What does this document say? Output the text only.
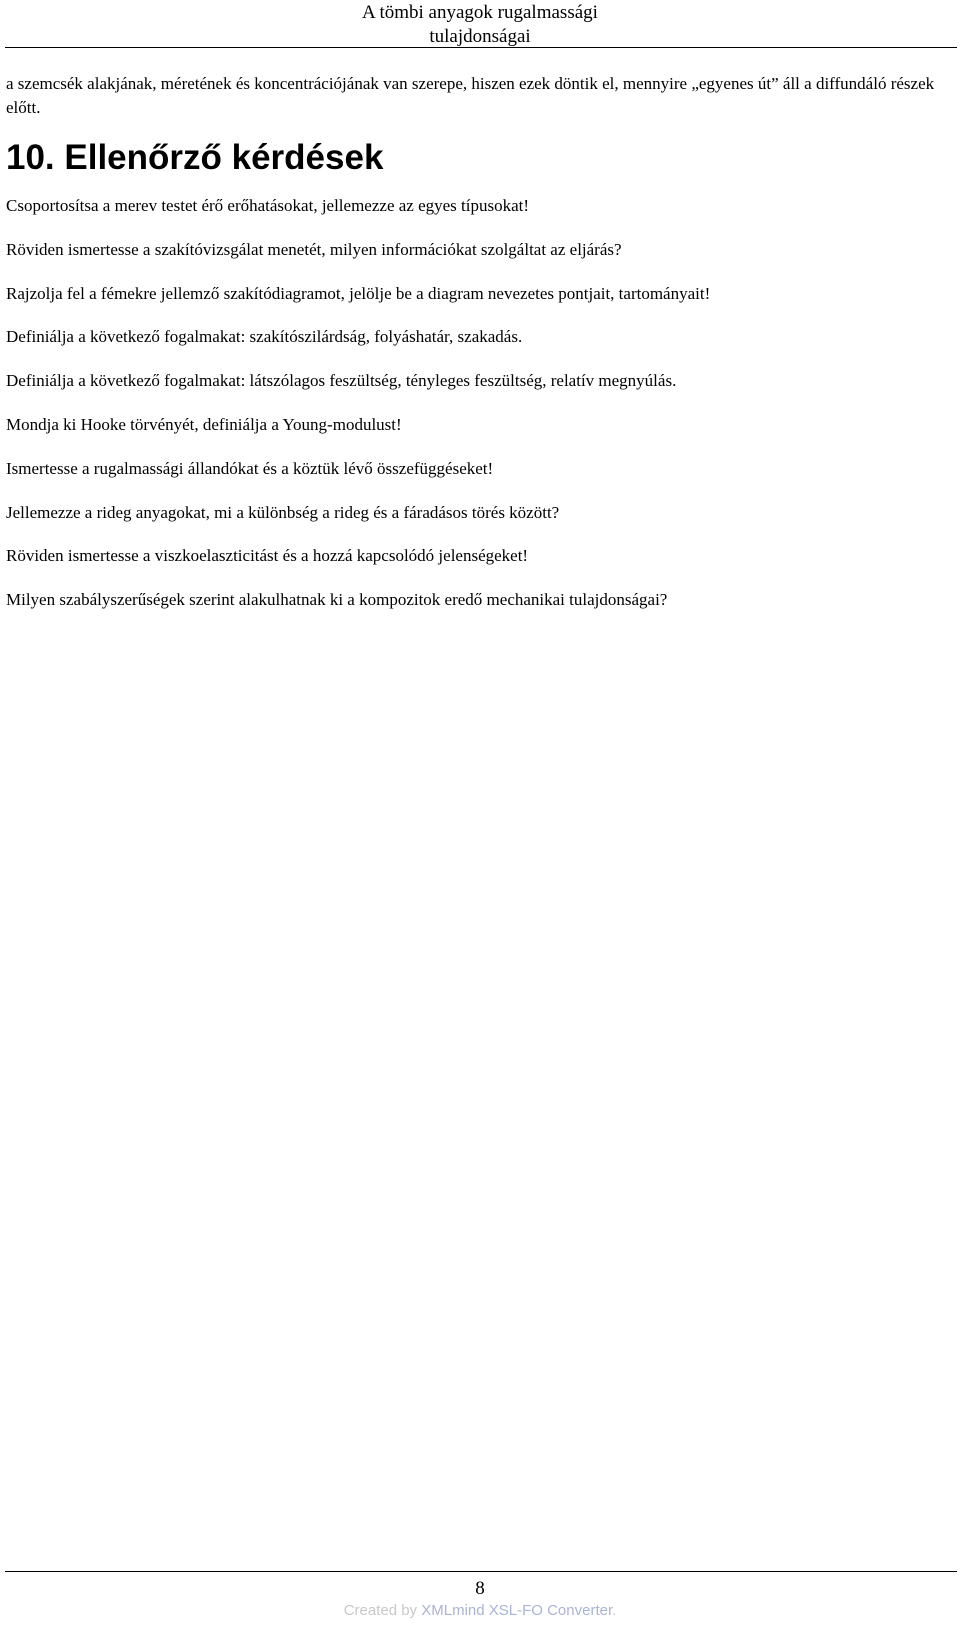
A tömbi anyagok rugalmassági
tulajdonságai

a szemcsék alakjának, méretének és koncentrációjának van szerepe, hiszen ezek döntik el, mennyire „egyenes út” áll a diffundáló részek előtt.

10. Ellenőrző kérdések
Csoportosítsa a merev testet érő erőhatásokat, jellemezze az egyes típusokat!
Röviden ismertesse a szakítóvizsgálat menetét, milyen információkat szolgáltat az eljárás?
Rajzolja fel a fémekre jellemző szakítódiagramot, jelölje be a diagram nevezetes pontjait, tartományait!
Definiálja a következő fogalmakat: szakítószilárdság, folyáshatár, szakadás.
Definiálja a következő fogalmakat: látszólagos feszültség, tényleges feszültség, relatív megnyúlás.
Mondja ki Hooke törvényét, definiálja a Young-modulust!
Ismertesse a rugalmassági állandókat és a köztük lévő összefüggéseket!
Jellemezze a rideg anyagokat, mi a különbség a rideg és a fáradásos törés között?
Röviden ismertesse a viszkoelaszticitást és a hozzá kapcsolódó jelenségeket!
Milyen szabályszerűségek szerint alakulhatnak ki a kompozitok eredő mechanikai tulajdonságai?
8
Created by XMLmind XSL-FO Converter.
